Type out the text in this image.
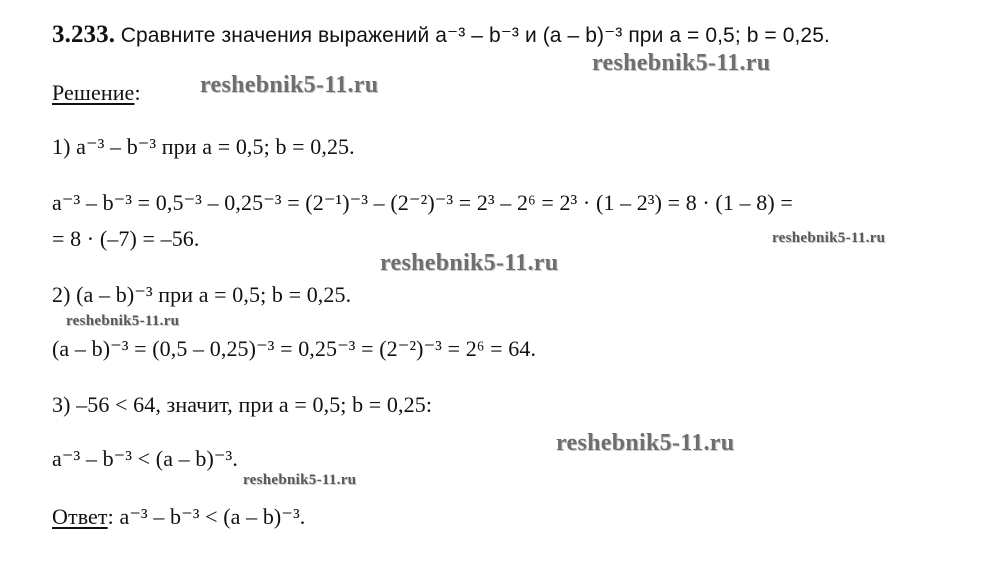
3.233. Сравните значения выражений a⁻³ – b⁻³ и (a – b)⁻³ при a = 0,5; b = 0,25.
Решение:
1) a⁻³ – b⁻³ при a = 0,5; b = 0,25.
a⁻³ – b⁻³ = 0,5⁻³ – 0,25⁻³ = (2⁻¹)⁻³ – (2⁻²)⁻³ = 2³ – 2⁶ = 2³ · (1 – 2³) = 8 · (1 – 8) =
= 8 · (–7) = –56.
2) (a – b)⁻³ при a = 0,5; b = 0,25.
(a – b)⁻³ = (0,5 – 0,25)⁻³ = 0,25⁻³ = (2⁻²)⁻³ = 2⁶ = 64.
3) –56 < 64, значит, при a = 0,5; b = 0,25:
a⁻³ – b⁻³ < (a – b)⁻³.
Ответ: a⁻³ – b⁻³ < (a – b)⁻³.
reshebnik5-11.ru
reshebnik5-11.ru
reshebnik5-11.ru
reshebnik5-11.ru
reshebnik5-11.ru
reshebnik5-11.ru
reshebnik5-11.ru
